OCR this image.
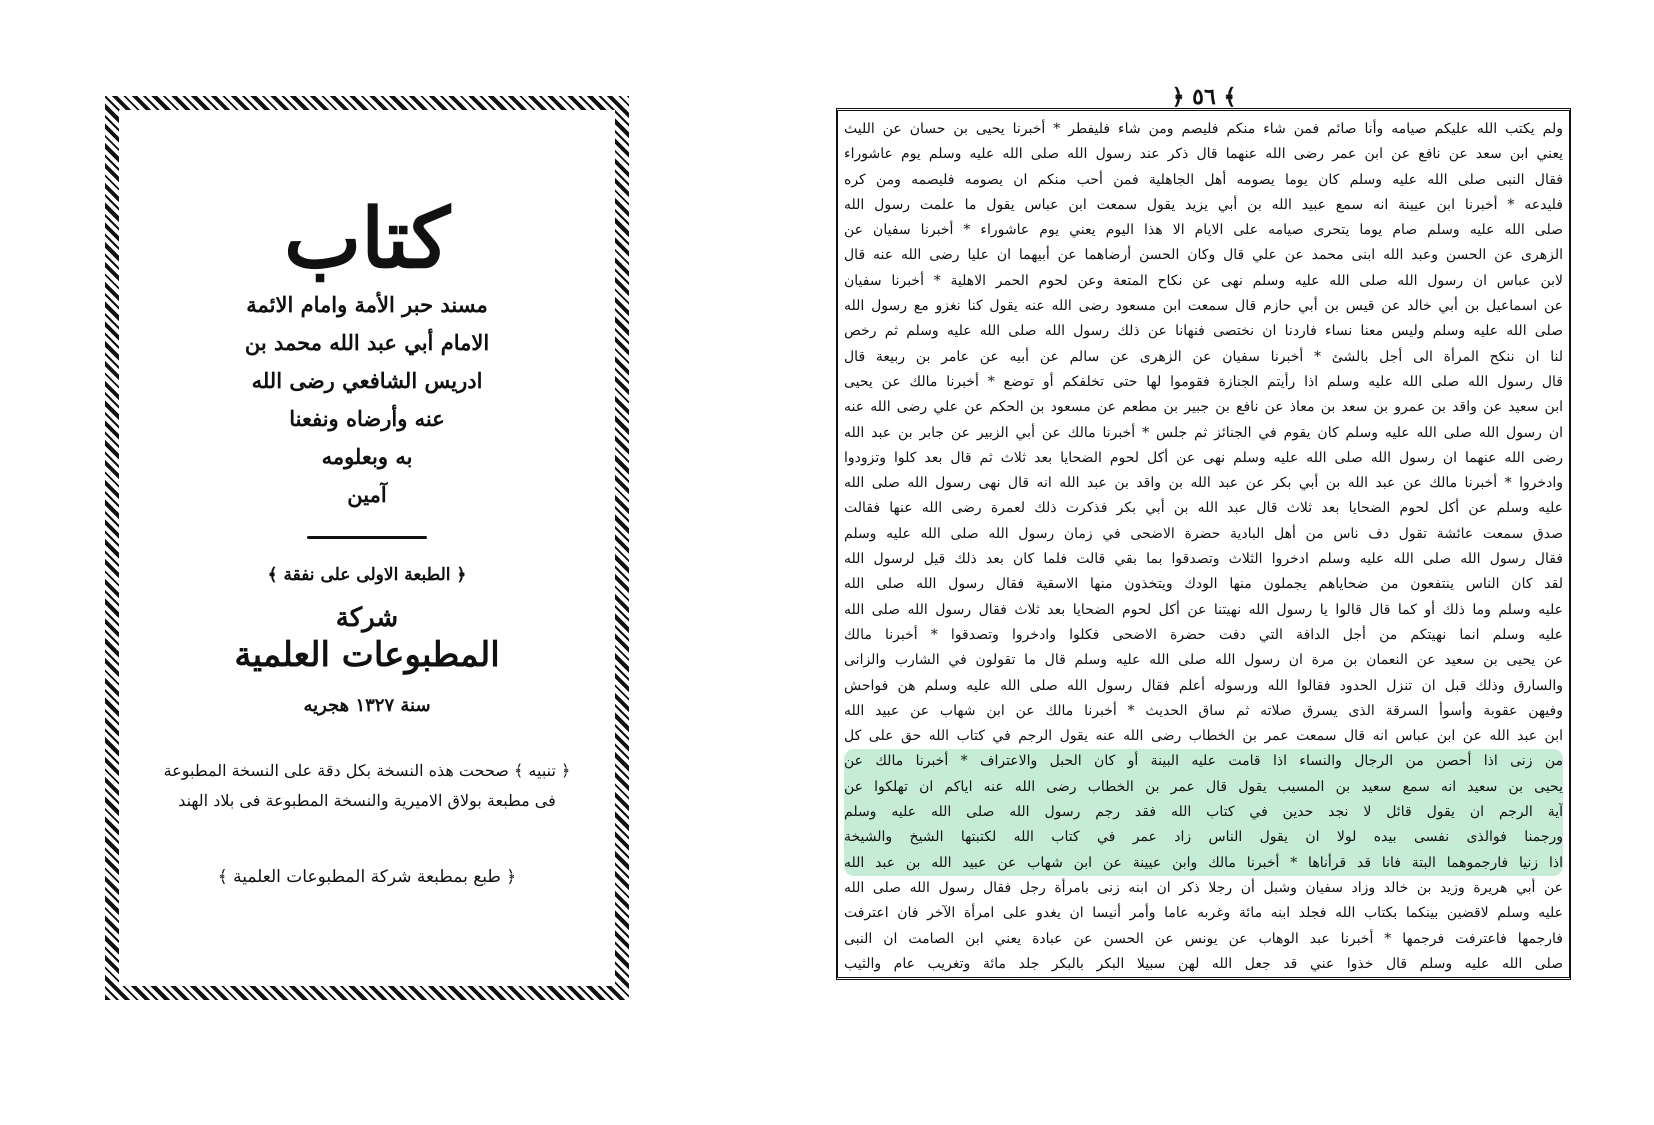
كتاب
مسند حبر الأمة وامام الائمة
الامام أبي عبد الله محمد بن
ادريس الشافعي رضى الله
عنه وأرضاه ونفعنا
به وبعلومه
آمين
﴿ الطبعة الاولى على نفقة ﴾
شركة
المطبوعات العلمية
سنة ١٣٢٧ هجريه
﴿ تنبيه ﴾ صححت هذه النسخة بكل دقة على النسخة المطبوعة فى مطبعة بولاق الاميرية والنسخة المطبوعة فى بلاد الهند
﴿ طبع بمطبعة شركة المطبوعات العلمية ﴾
﴿ ٥٦ ﴾
ولم يكتب الله عليكم صيامه وأنا صائم فمن شاء منكم فليصم ومن شاء فليفطر * أخبرنا يحيى بن حسان عن الليث
يعني ابن سعد عن نافع عن ابن عمر رضى الله عنهما قال ذكر عند رسول الله صلى الله عليه وسلم يوم عاشوراء
فقال النبى صلى الله عليه وسلم كان يوما يصومه أهل الجاهلية فمن أحب منكم ان يصومه فليصمه ومن كره
فليدعه * أخبرنا ابن عيينة انه سمع عبيد الله بن أبي يزيد يقول سمعت ابن عباس يقول ما علمت رسول الله
صلى الله عليه وسلم صام يوما يتحرى صيامه على الايام الا هذا اليوم يعني يوم عاشوراء * أخبرنا سفيان عن
الزهرى عن الحسن وعبد الله ابنى محمد عن علي قال وكان الحسن أرضاهما عن أبيهما ان عليا رضى الله عنه قال
لابن عباس ان رسول الله صلى الله عليه وسلم نهى عن نكاح المتعة وعن لحوم الحمر الاهلية * أخبرنا سفيان
عن اسماعيل بن أبي خالد عن قيس بن أبي حازم قال سمعت ابن مسعود رضى الله عنه يقول كنا نغزو مع رسول الله
صلى الله عليه وسلم وليس معنا نساء فاردنا ان نختصى فنهانا عن ذلك رسول الله صلى الله عليه وسلم ثم رخص
لنا ان ننكح المرأة الى أجل بالشئ * أخبرنا سفيان عن الزهرى عن سالم عن أبيه عن عامر بن ربيعة قال
قال رسول الله صلى الله عليه وسلم اذا رأيتم الجنازة فقوموا لها حتى تخلفكم أو توضع * أخبرنا مالك عن يحيى
ابن سعيد عن واقد بن عمرو بن سعد بن معاذ عن نافع بن جبير بن مطعم عن مسعود بن الحكم عن علي رضى الله عنه
ان رسول الله صلى الله عليه وسلم كان يقوم في الجنائز ثم جلس * أخبرنا مالك عن أبي الزبير عن جابر بن عبد الله
رضى الله عنهما ان رسول الله صلى الله عليه وسلم نهى عن أكل لحوم الضحايا بعد ثلاث ثم قال بعد كلوا وتزودوا
وادخروا * أخبرنا مالك عن عبد الله بن أبي بكر عن عبد الله بن واقد بن عبد الله انه قال نهى رسول الله صلى الله
عليه وسلم عن أكل لحوم الضحايا بعد ثلاث قال عبد الله بن أبي بكر فذكرت ذلك لعمرة رضى الله عنها فقالت
صدق سمعت عائشة تقول دف ناس من أهل البادية حضرة الاضحى في زمان رسول الله صلى الله عليه وسلم
فقال رسول الله صلى الله عليه وسلم ادخروا الثلاث وتصدقوا بما بقي قالت فلما كان بعد ذلك قيل لرسول الله
لقد كان الناس ينتفعون من ضحاياهم يجملون منها الودك ويتخذون منها الاسقية فقال رسول الله صلى الله
عليه وسلم وما ذلك أو كما قال قالوا يا رسول الله نهيتنا عن أكل لحوم الضحايا بعد ثلاث فقال رسول الله صلى الله
عليه وسلم انما نهيتكم من أجل الدافة التي دفت حضرة الاضحى فكلوا وادخروا وتصدقوا * أخبرنا مالك
عن يحيى بن سعيد عن النعمان بن مرة ان رسول الله صلى الله عليه وسلم قال ما تقولون في الشارب والزانى
والسارق وذلك قبل ان تنزل الحدود فقالوا الله ورسوله أعلم فقال رسول الله صلى الله عليه وسلم هن فواحش
وفيهن عقوبة وأسوأ السرقة الذى يسرق صلاته ثم ساق الحديث * أخبرنا مالك عن ابن شهاب عن عبيد الله
ابن عبد الله عن ابن عباس انه قال سمعت عمر بن الخطاب رضى الله عنه يقول الرجم في كتاب الله حق على كل
من زنى اذا أحصن من الرجال والنساء اذا قامت عليه البينة أو كان الحبل والاعتراف * أخبرنا مالك عن
يحيى بن سعيد انه سمع سعيد بن المسيب يقول قال عمر بن الخطاب رضى الله عنه اياكم ان تهلكوا عن
آية الرجم ان يقول قائل لا نجد حدين في كتاب الله فقد رجم رسول الله صلى الله عليه وسلم
ورجمنا فوالذى نفسى بيده لولا ان يقول الناس زاد عمر في كتاب الله لكتبتها الشيخ والشيخة
اذا زنيا فارجموهما البتة فانا قد قرأناها * أخبرنا مالك وابن عيينة عن ابن شهاب عن عبيد الله بن عبد الله
عن أبي هريرة وزيد بن خالد وزاد سفيان وشبل أن رجلا ذكر ان ابنه زنى بامرأة رجل فقال رسول الله صلى الله
عليه وسلم لاقضين بينكما بكتاب الله فجلد ابنه مائة وغربه عاما وأمر أنيسا ان يغدو على امرأة الآخر فان اعترفت
فارجمها فاعترفت فرجمها * أخبرنا عبد الوهاب عن يونس عن الحسن عن عبادة يعني ابن الصامت ان النبى
صلى الله عليه وسلم قال خذوا عني قد جعل الله لهن سبيلا البكر بالبكر جلد مائة وتغريب عام والثيب
